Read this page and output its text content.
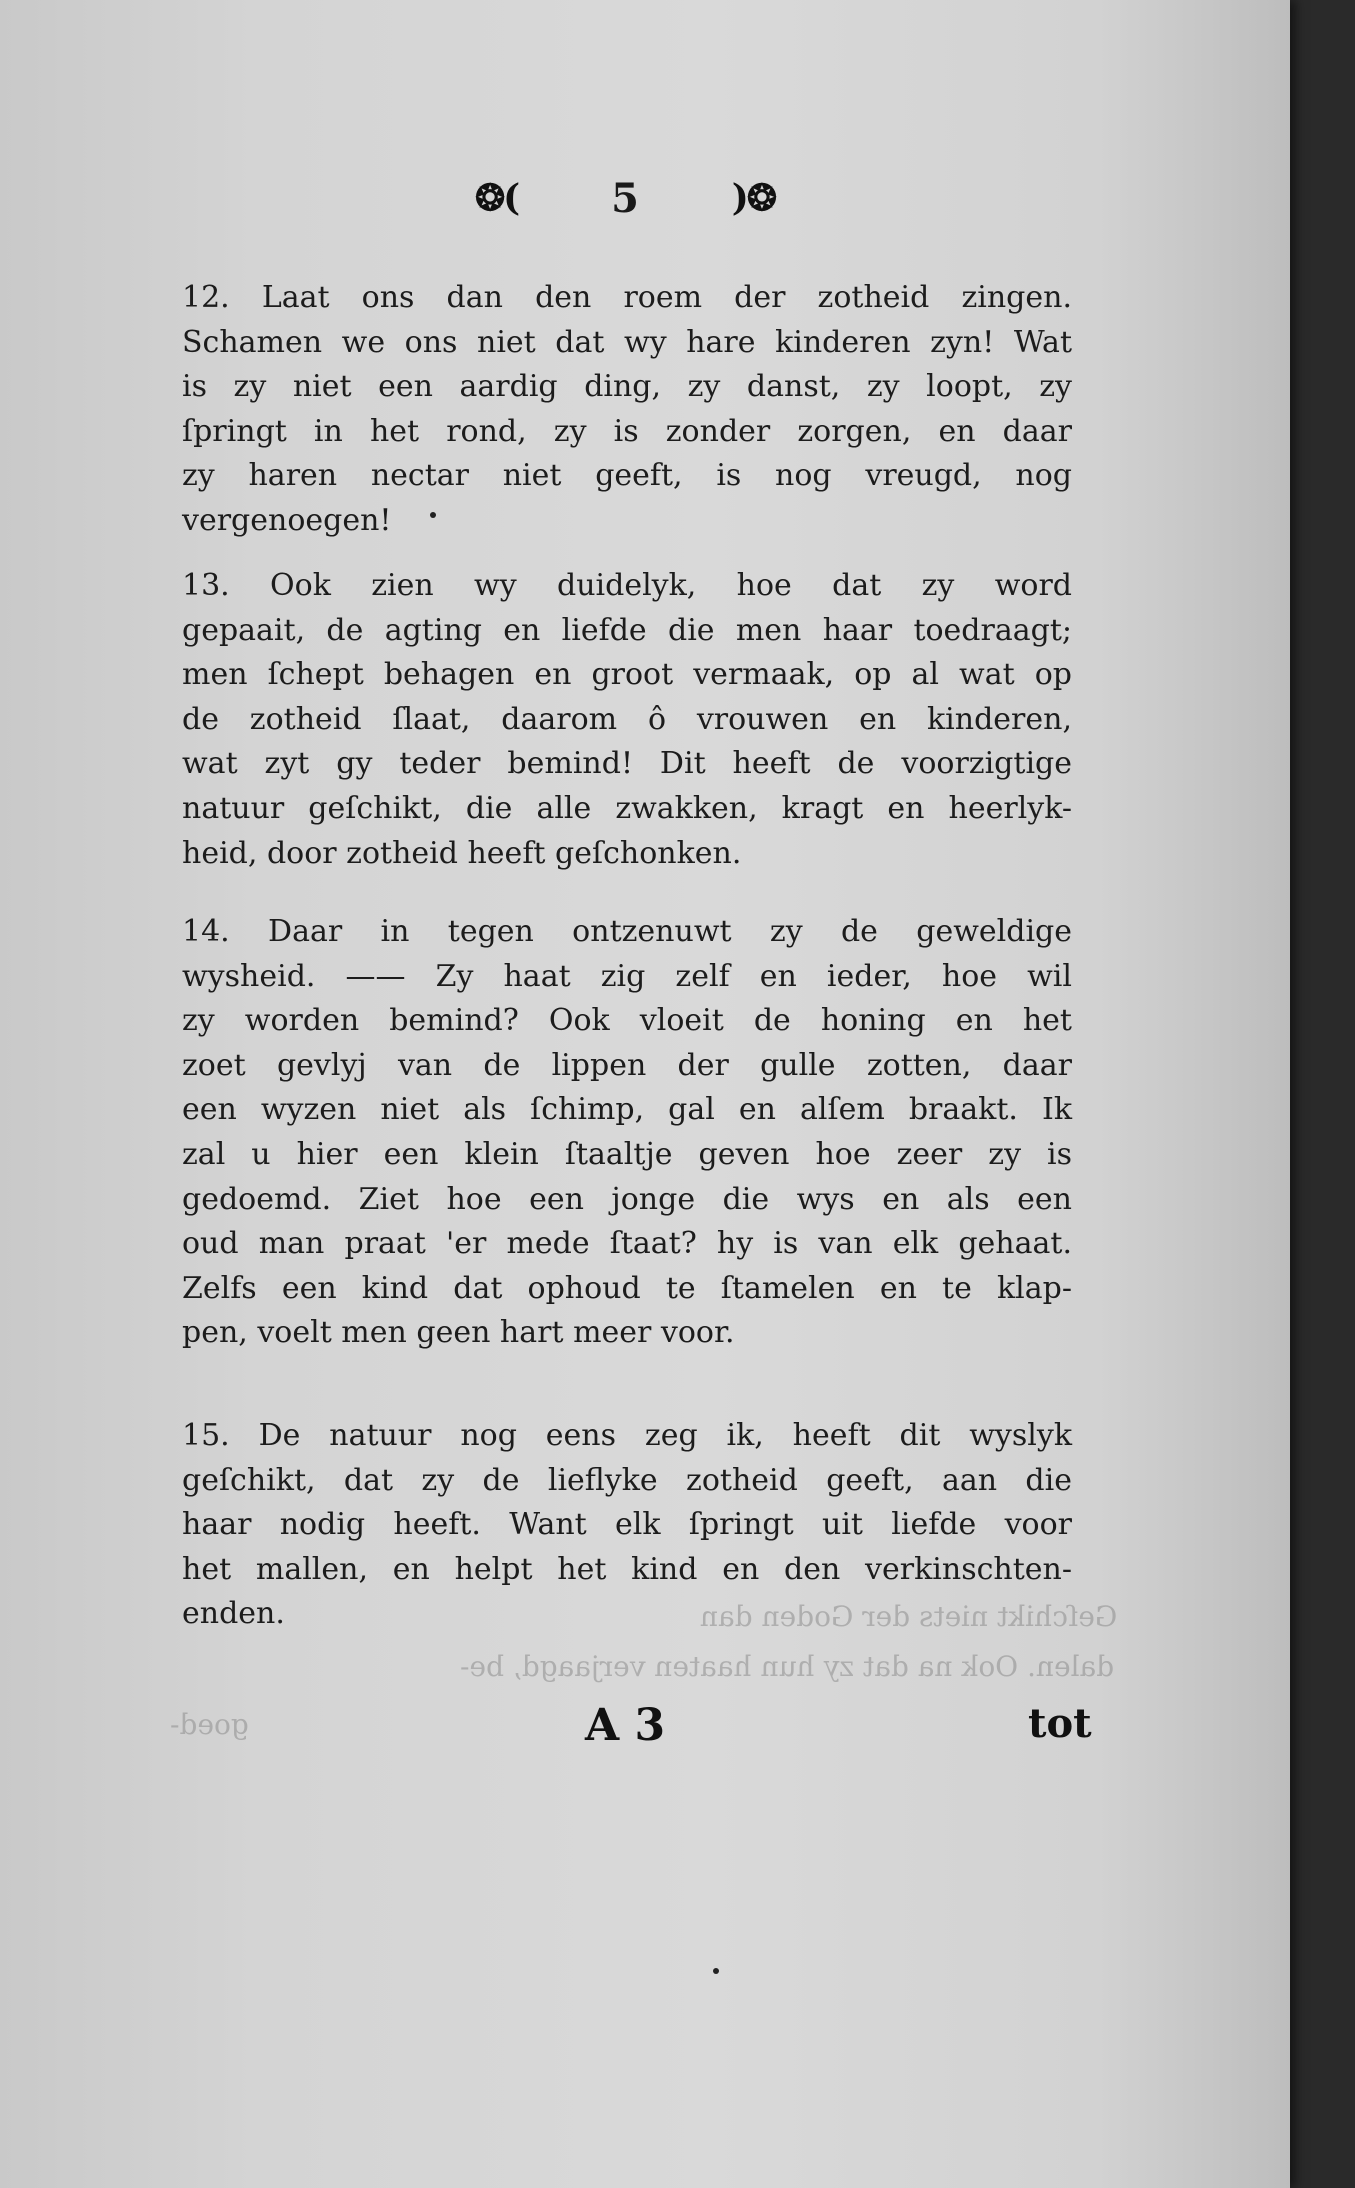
❂( 5	)❂
12. Laat ons dan den roem der zotheid zingen.
Schamen we ons niet dat wy hare kinderen zyn! Wat
is zy niet een aardig ding, zy danst, zy loopt, zy
ſpringt in het rond, zy is zonder zorgen, en daar
zy haren nectar niet geeft, is nog vreugd, nog
vergenoegen!
13. Ook zien wy duidelyk, hoe dat zy word
gepaait, de agting en liefde die men haar toedraagt;
men ſchept behagen en groot vermaak, op al wat op
de zotheid ſlaat, daarom ô vrouwen en kinderen,
wat zyt gy teder bemind! Dit heeft de voorzigtige
natuur geſchikt, die alle zwakken, kragt en heerlyk-
heid, door zotheid heeft geſchonken.
14. Daar in tegen ontzenuwt zy de geweldige
wysheid. —— Zy haat zig zelf en ieder, hoe wil
zy worden bemind? Ook vloeit de honing en het
zoet gevlyj van de lippen der gulle zotten, daar
een wyzen niet als ſchimp, gal en alſem braakt. Ik
zal u hier een klein ſtaaltje geven hoe zeer zy is
gedoemd. Ziet hoe een jonge die wys en als een
oud man praat 'er mede ſtaat? hy is van elk gehaat.
Zelfs een kind dat ophoud te ſtamelen en te klap-
pen, voelt men geen hart meer voor.
15. De natuur nog eens zeg ik, heeft dit wyslyk
geſchikt, dat zy de lieflyke zotheid geeft, aan die
haar nodig heeft. Want elk ſpringt uit liefde voor
het mallen, en helpt het kind en den verkinschten-
enden.	Geſchikt niets der Goden dan
dalen. Ook na dat zy hun haaten verjaagd, be-
goed-	A 3	tot
